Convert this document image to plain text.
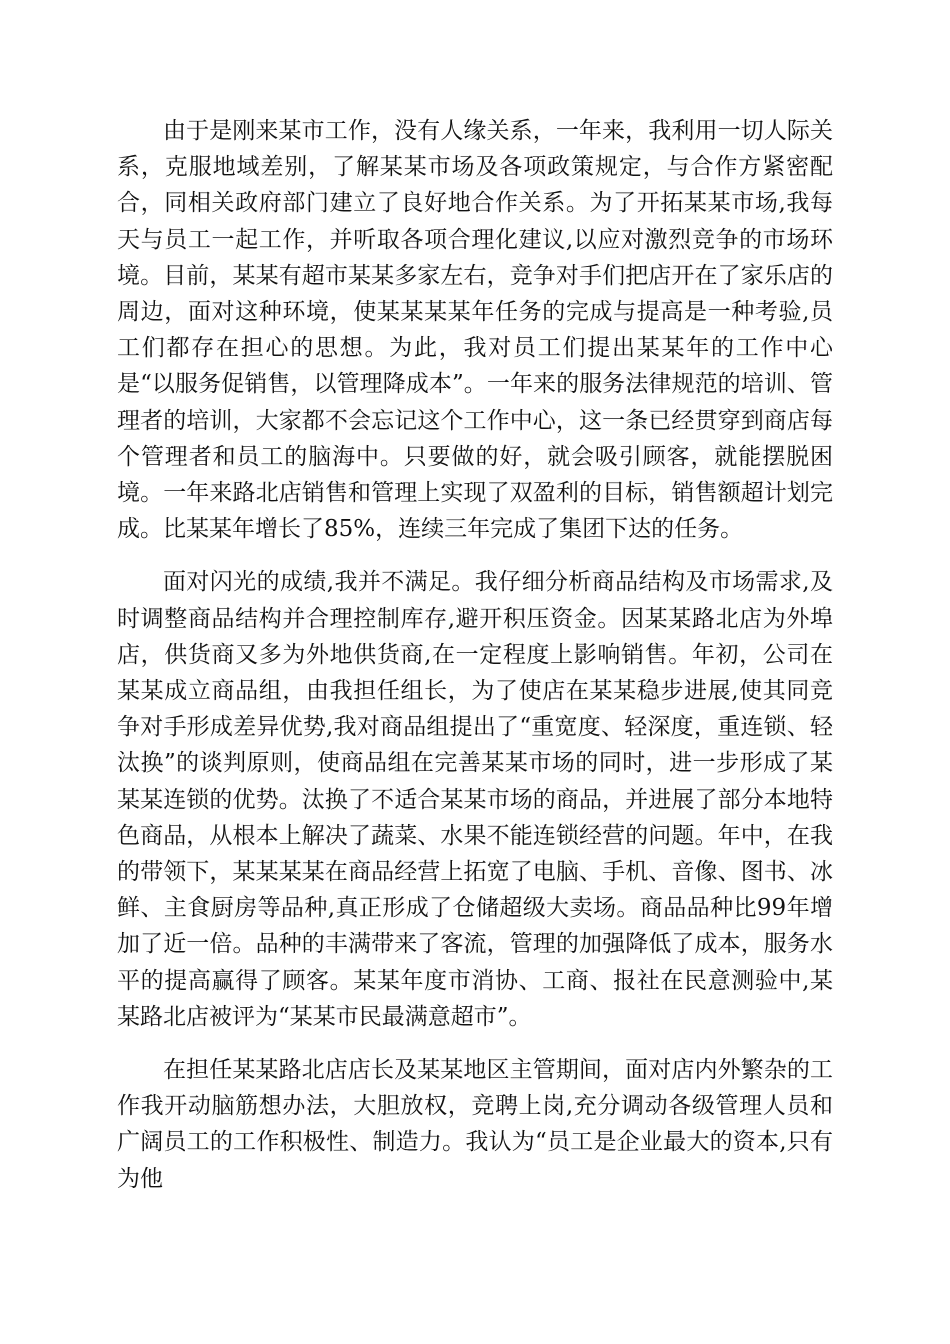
由于是刚来某市工作，没有人缘关系，一年来，我利用一切人际关系，克服地域差别，了解某某市场及各项政策规定，与合作方紧密配合，同相关政府部门建立了良好地合作关系。为了开拓某某市场,我每天与员工一起工作，并听取各项合理化建议,以应对激烈竞争的市场环境。目前，某某有超市某某多家左右，竞争对手们把店开在了家乐店的周边，面对这种环境，使某某某某年任务的完成与提高是一种考验,员工们都存在担心的思想。为此，我对员工们提出某某年的工作中心是“以服务促销售，以管理降成本”。一年来的服务法律规范的培训、管理者的培训，大家都不会忘记这个工作中心，这一条已经贯穿到商店每个管理者和员工的脑海中。只要做的好，就会吸引顾客，就能摆脱困境。一年来路北店销售和管理上实现了双盈利的目标，销售额超计划完成。比某某年增长了85%，连续三年完成了集团下达的任务。

面对闪光的成绩,我并不满足。我仔细分析商品结构及市场需求,及时调整商品结构并合理控制库存,避开积压资金。因某某路北店为外埠店，供货商又多为外地供货商,在一定程度上影响销售。年初，公司在某某成立商品组，由我担任组长，为了使店在某某稳步进展,使其同竞争对手形成差异优势,我对商品组提出了“重宽度、轻深度，重连锁、轻汰换”的谈判原则，使商品组在完善某某市场的同时，进一步形成了某某某连锁的优势。汰换了不适合某某市场的商品，并进展了部分本地特色商品，从根本上解决了蔬菜、水果不能连锁经营的问题。年中，在我的带领下，某某某某在商品经营上拓宽了电脑、手机、音像、图书、冰鲜、主食厨房等品种,真正形成了仓储超级大卖场。商品品种比99年增加了近一倍。品种的丰满带来了客流，管理的加强降低了成本，服务水平的提高赢得了顾客。某某年度市消协、工商、报社在民意测验中,某某路北店被评为“某某市民最满意超市”。

在担任某某路北店店长及某某地区主管期间，面对店内外繁杂的工作我开动脑筋想办法，大胆放权，竞聘上岗,充分调动各级管理人员和广阔员工的工作积极性、制造力。我认为“员工是企业最大的资本,只有为他
